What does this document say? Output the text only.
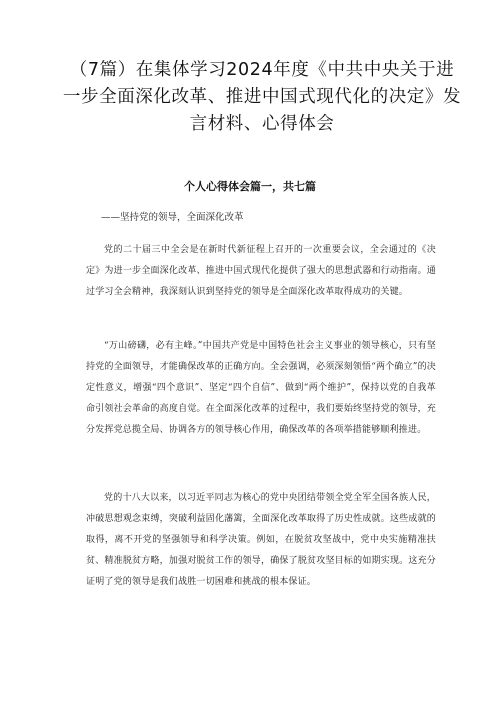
（7篇）在集体学习2024年度《中共中央关于进一步全面深化改革、推进中国式现代化的决定》发言材料、心得体会
个人心得体会篇一，共七篇

——坚持党的领导，全面深化改革

党的二十届三中全会是在新时代新征程上召开的一次重要会议，全会通过的《决定》为进一步全面深化改革、推进中国式现代化提供了强大的思想武器和行动指南。通过学习全会精神，我深刻认识到坚持党的领导是全面深化改革取得成功的关键。

“万山磅礴，必有主峰。”中国共产党是中国特色社会主义事业的领导核心，只有坚持党的全面领导，才能确保改革的正确方向。全会强调，必须深刻领悟“两个确立”的决定性意义，增强“四个意识”、坚定“四个自信”、做到“两个维护”，保持以党的自我革命引领社会革命的高度自觉。在全面深化改革的过程中，我们要始终坚持党的领导，充分发挥党总揽全局、协调各方的领导核心作用，确保改革的各项举措能够顺利推进。

党的十八大以来，以习近平同志为核心的党中央团结带领全党全军全国各族人民，冲破思想观念束缚，突破利益固化藩篱，全面深化改革取得了历史性成就。这些成就的取得，离不开党的坚强领导和科学决策。例如，在脱贫攻坚战中，党中央实施精准扶贫、精准脱贫方略，加强对脱贫工作的领导，确保了脱贫攻坚目标的如期实现。这充分证明了党的领导是我们战胜一切困难和挑战的根本保证。
